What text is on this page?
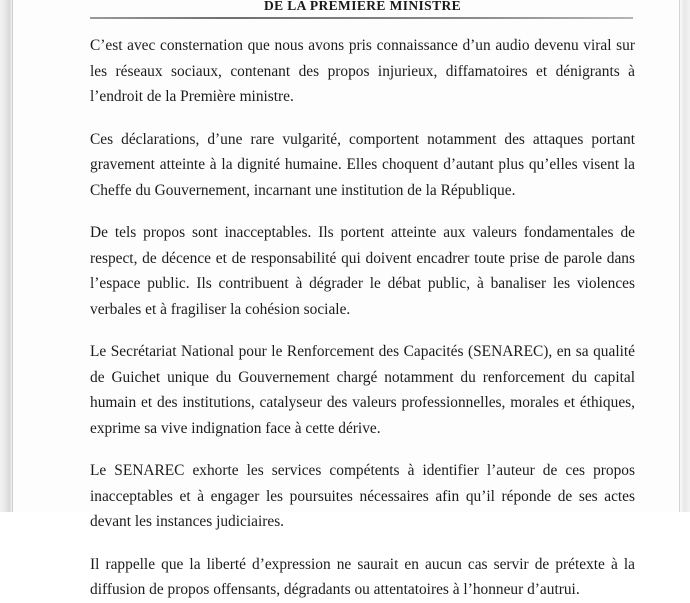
DE LA PREMIERE MINISTRE

C’est avec consternation que nous avons pris connaissance d’un audio devenu viral sur les réseaux sociaux, contenant des propos injurieux, diffamatoires et dénigrants à l’endroit de la Première ministre.

Ces déclarations, d’une rare vulgarité, comportent notamment des attaques portant gravement atteinte à la dignité humaine. Elles choquent d’autant plus qu’elles visent la Cheffe du Gouvernement, incarnant une institution de la République.

De tels propos sont inacceptables. Ils portent atteinte aux valeurs fondamentales de respect, de décence et de responsabilité qui doivent encadrer toute prise de parole dans l’espace public. Ils contribuent à dégrader le débat public, à banaliser les violences verbales et à fragiliser la cohésion sociale.

Le Secrétariat National pour le Renforcement des Capacités (SENAREC), en sa qualité de Guichet unique du Gouvernement chargé notamment du renforcement du capital humain et des institutions, catalyseur des valeurs professionnelles, morales et éthiques, exprime sa vive indignation face à cette dérive.

Le SENAREC exhorte les services compétents à identifier l’auteur de ces propos inacceptables et à engager les poursuites nécessaires afin qu’il réponde de ses actes devant les instances judiciaires.

Il rappelle que la liberté d’expression ne saurait en aucun cas servir de prétexte à la diffusion de propos offensants, dégradants ou attentatoires à l’honneur d’autrui.
